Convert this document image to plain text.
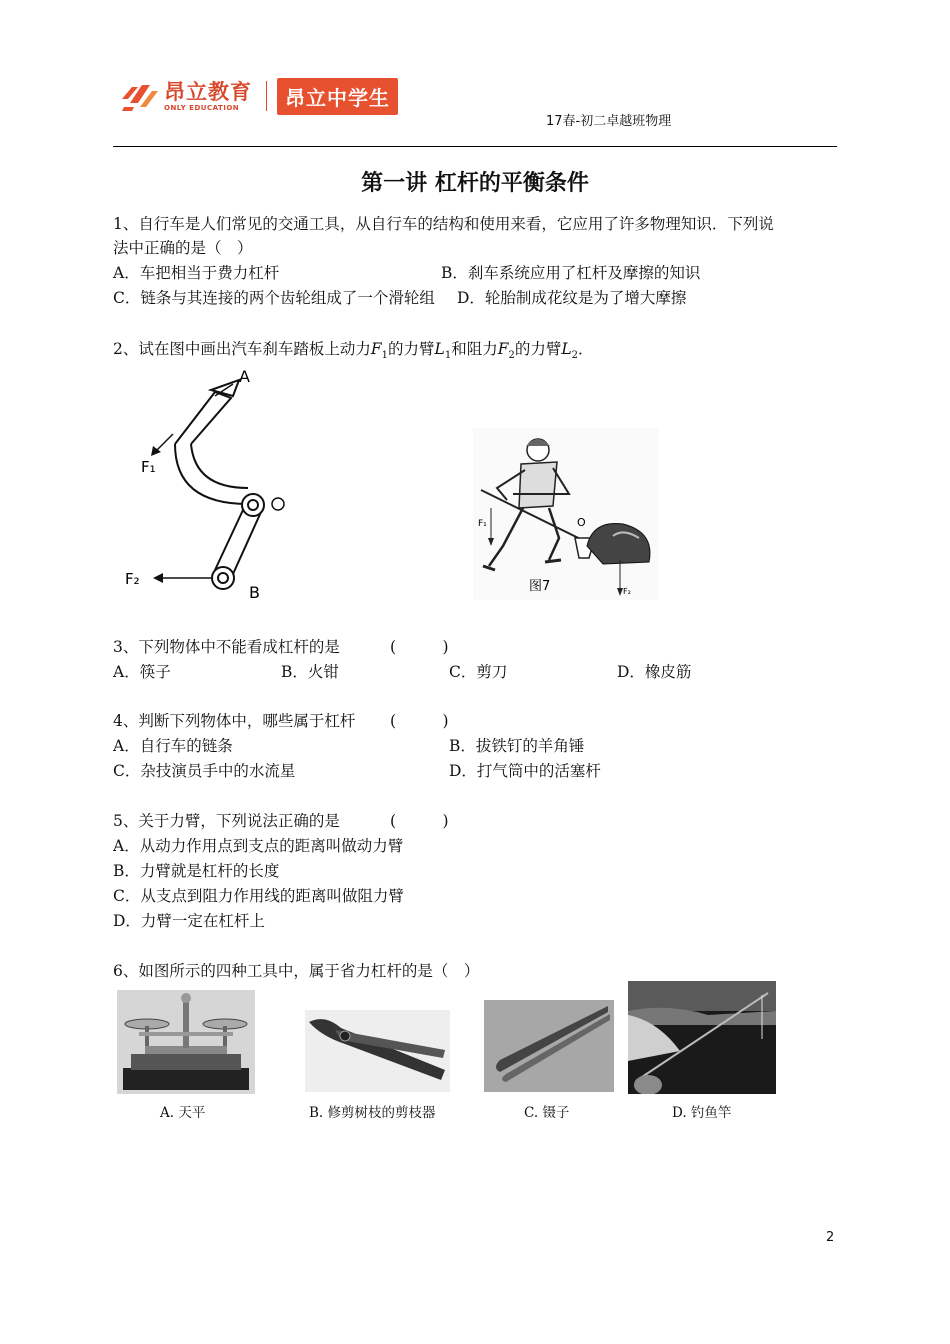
昂立教育
ONLY EDUCATION	昂立中学生
17春-初二卓越班物理
第一讲 杠杆的平衡条件
1、自行车是人们常见的交通工具，从自行车的结构和使用来看，它应用了许多物理知识．下列说
法中正确的是（　）
A．车把相当于费力杠杆	B．刹车系统应用了杠杆及摩擦的知识
C．链条与其连接的两个齿轮组成了一个滑轮组 D．轮胎制成花纹是为了增大摩擦
2、试在图中画出汽车刹车踏板上动力$F_1$的力臂$L_1$和阻力$F_2$的力臂$L_2$．
A
F₁
F₂
B
F₁	O
F₂
图7
3、下列物体中不能看成杠杆的是	(　　　)
A．筷子	B．火钳	C．剪刀	D．橡皮筋
4、判断下列物体中，哪些属于杠杆 (　　　)
A．自行车的链条	B．拔铁钉的羊角锤
C．杂技演员手中的水流星	D．打气筒中的活塞杆
5、关于力臂，下列说法正确的是	(　　　)
A．从动力作用点到支点的距离叫做动力臂
B．力臂就是杠杆的长度
C．从支点到阻力作用线的距离叫做阻力臂
D．力臂一定在杠杆上
6、如图所示的四种工具中，属于省力杠杆的是（　）
A. 天平	B. 修剪树枝的剪枝器	C. 镊子	D. 钓鱼竿
2
